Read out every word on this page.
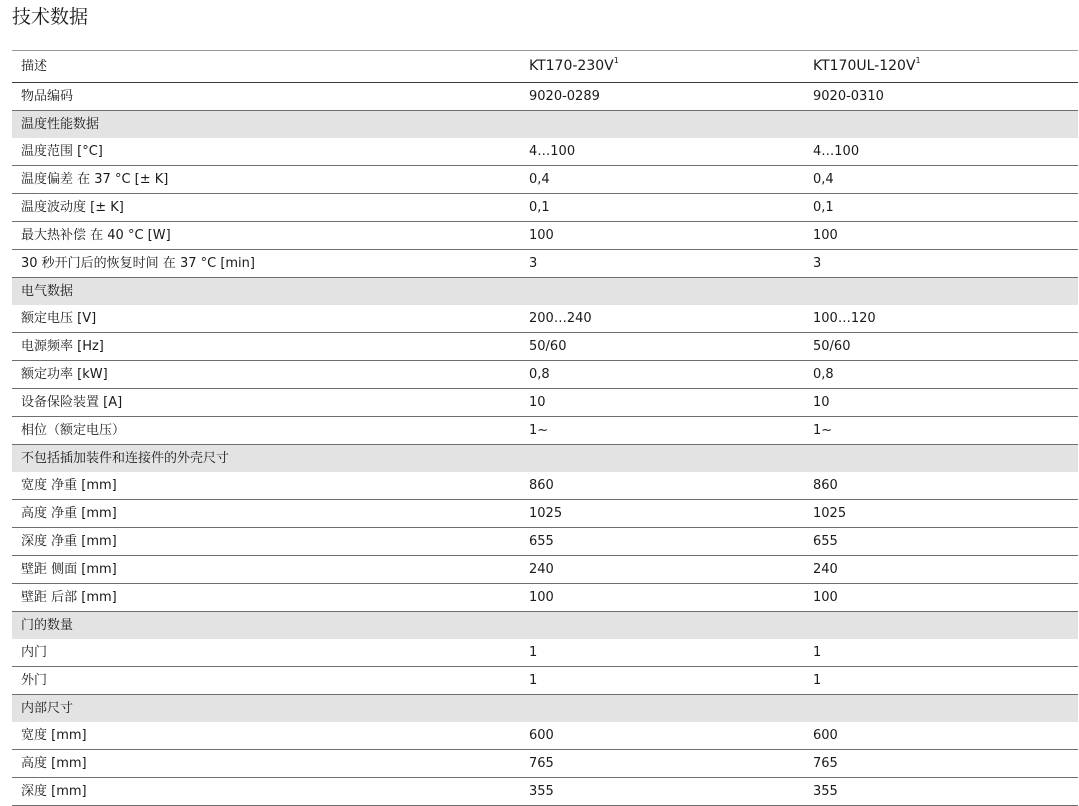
技术数据
描述	KT170-230V$^1$	KT170UL-120V$^1$
物品编码	9020-0289	9020-0310
温度性能数据		
温度范围 [°C]	4…100	4…100
温度偏差 在 37 °C [± K]	0,4	0,4
温度波动度 [± K]	0,1	0,1
最大热补偿 在 40 °C [W]	100	100
30 秒开门后的恢复时间 在 37 °C [min]	3	3
电气数据		
额定电压 [V]	200…240	100…120
电源频率 [Hz]	50/60	50/60
额定功率 [kW]	0,8	0,8
设备保险装置 [A]	10	10
相位（额定电压）	1~	1~
不包括插加装件和连接件的外壳尺寸		
宽度 净重 [mm]	860	860
高度 净重 [mm]	1025	1025
深度 净重 [mm]	655	655
壁距 侧面 [mm]	240	240
壁距 后部 [mm]	100	100
门的数量		
内门	1	1
外门	1	1
内部尺寸		
宽度 [mm]	600	600
高度 [mm]	765	765
深度 [mm]	355	355
